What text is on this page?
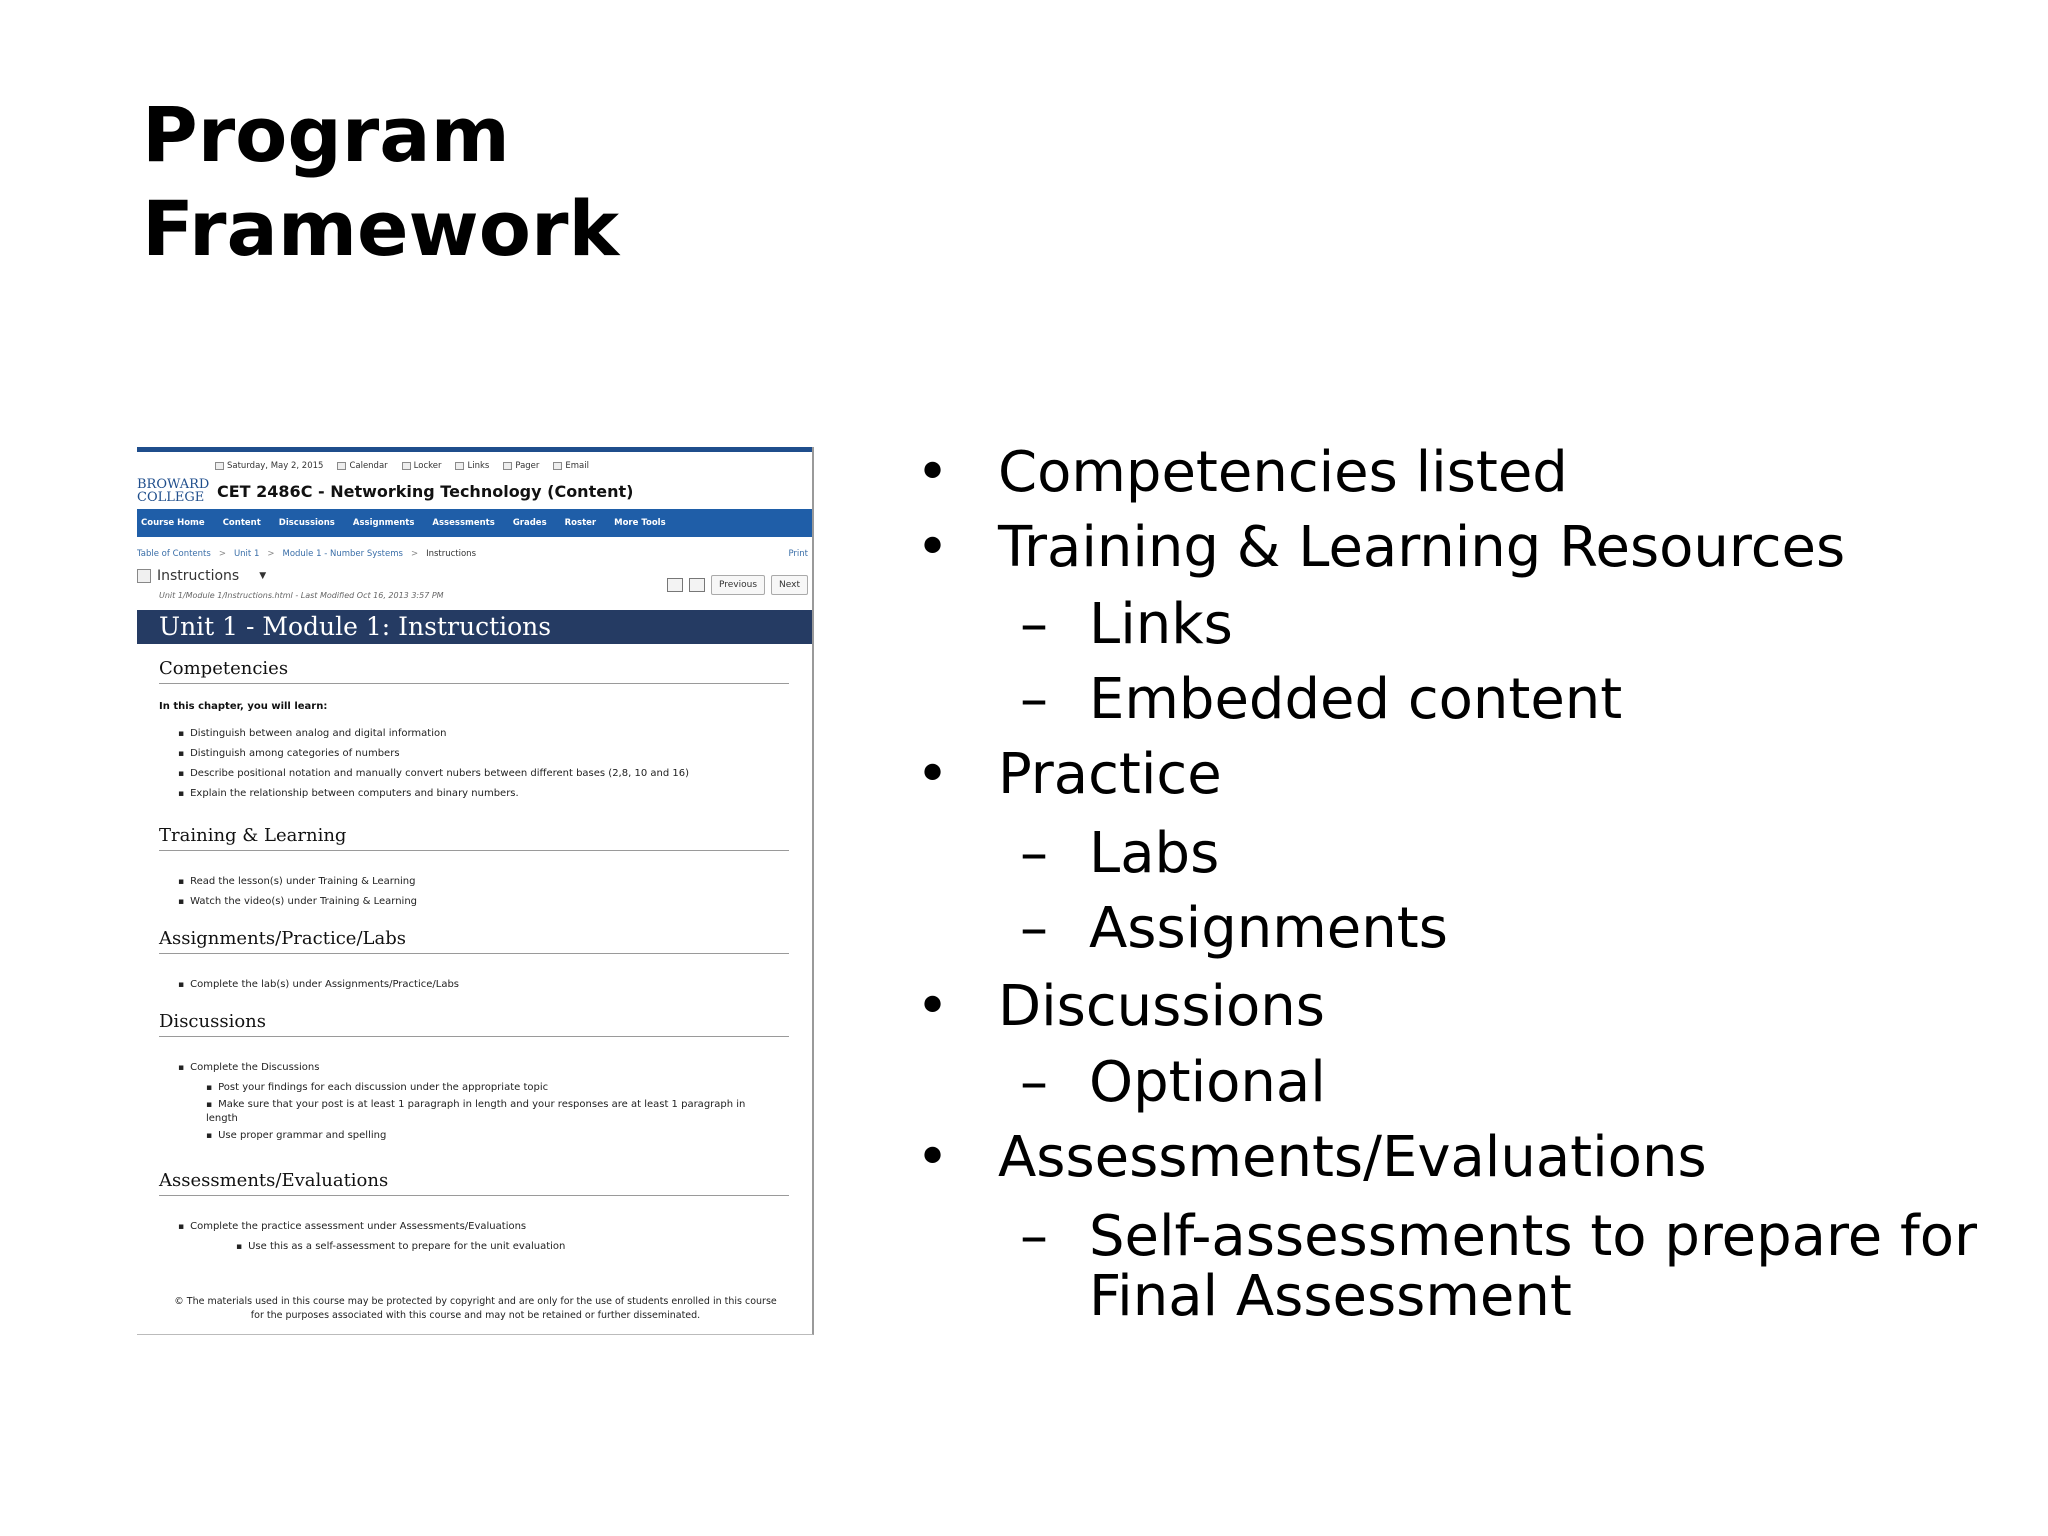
Program
Framework
Saturday, May 2, 2015	Calendar	Locker	Links	Pager	Email
BROWARD
COLLEGE CET 2486C - Networking Technology (Content)
Course Home Content Discussions Assignments Assessments Grades Roster More Tools
Table of Contents > Unit 1 > Module 1 - Number Systems > Instructions	Print
Instructions ▼
Unit 1/Module 1/Instructions.html - Last Modified Oct 16, 2013 3:57 PM
Previous	Next
Unit 1 - Module 1: Instructions
Competencies
In this chapter, you will learn:
▪ Distinguish between analog and digital information
▪ Distinguish among categories of numbers
▪ Describe positional notation and manually convert nubers between different bases (2,8, 10 and 16)
▪ Explain the relationship between computers and binary numbers.
Training & Learning
▪ Read the lesson(s) under Training & Learning
▪ Watch the video(s) under Training & Learning
Assignments/Practice/Labs
▪ Complete the lab(s) under Assignments/Practice/Labs
Discussions
▪ Complete the Discussions
▪ Post your findings for each discussion under the appropriate topic
▪ Make sure that your post is at least 1 paragraph in length and your responses are at least 1 paragraph in length
▪ Use proper grammar and spelling
Assessments/Evaluations
▪ Complete the practice assessment under Assessments/Evaluations
▪ Use this as a self-assessment to prepare for the unit evaluation
© The materials used in this course may be protected by copyright and are only for the use of students enrolled in this course
for the purposes associated with this course and may not be retained or further disseminated.
• Competencies listed
• Training & Learning Resources
– Links
– Embedded content
• Practice
– Labs
– Assignments
• Discussions
– Optional
• Assessments/Evaluations
– Self-assessments to prepare for
Final Assessment
